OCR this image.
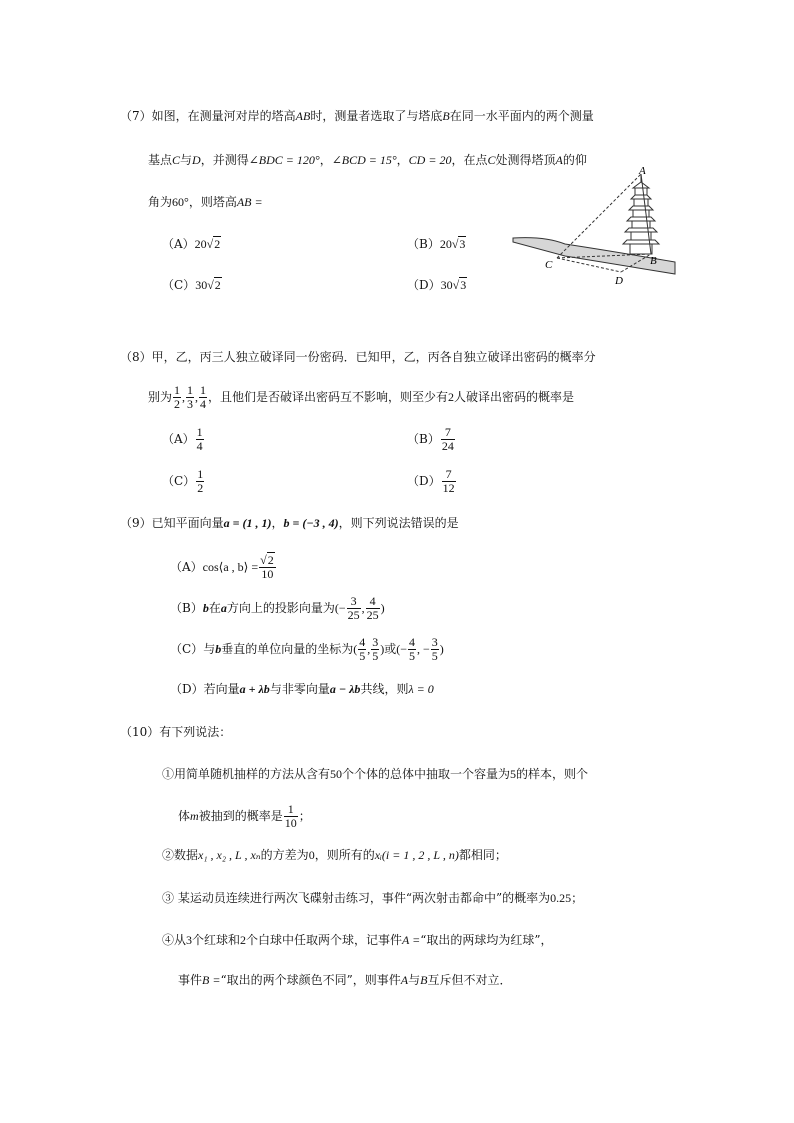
（7）如图，在测量河对岸的塔高AB时，测量者选取了与塔底B在同一水平面内的两个测量
基点C与D，并测得∠BDC = 120°，∠BCD = 15°，CD = 20，在点C处测得塔顶A的仰
角为60°，则塔高AB =
（A）20√2	（B）20√3
（C）30√2	（D）30√3
A
B
C
D
（8）甲，乙，丙三人独立破译同一份密码．已知甲，乙，丙各自独立破译出密码的概率分
别为 $\frac{1}{2}$ , $\frac{1}{3}$ , $\frac{1}{4}$ ，且他们是否破译出密码互不影响，则至少有2人破译出密码的概率是
$(A) \frac{1}{4}$	$(B) \frac{7}{24}$
$(C) \frac{1}{2}$	$(D) \frac{7}{12}$
（9）已知平面向量a = (1 , 1)，b = (−3 , 4)，则下列说法错误的是
（A）cos⟨a , b⟩ = $\frac{√2}{10}$
（B）b在a方向上的投影向量为(− $\frac{3}{25}$ , $\frac{4}{25}$ )
（C）与b垂直的单位向量的坐标为( $\frac{4}{5}$ , $\frac{3}{5}$ )或(− $\frac{4}{5}$ , − $\frac{3}{5}$ )
（D）若向量a + λb与非零向量a − λb共线，则λ = 0
（10）有下列说法：
①用简单随机抽样的方法从含有50个个体的总体中抽取一个容量为5的样本，则个
体m被抽到的概率是 $\frac{1}{10}$ ；
②数据x₁ , x₂ , L , xₙ的方差为0，则所有的xᵢ(i = 1 , 2 , L , n)都相同；
③ 某运动员连续进行两次飞碟射击练习，事件“两次射击都命中”的概率为0.25；
④从3个红球和2个白球中任取两个球，记事件A =“取出的两球均为红球”，
事件B =“取出的两个球颜色不同”，则事件A与B互斥但不对立．
